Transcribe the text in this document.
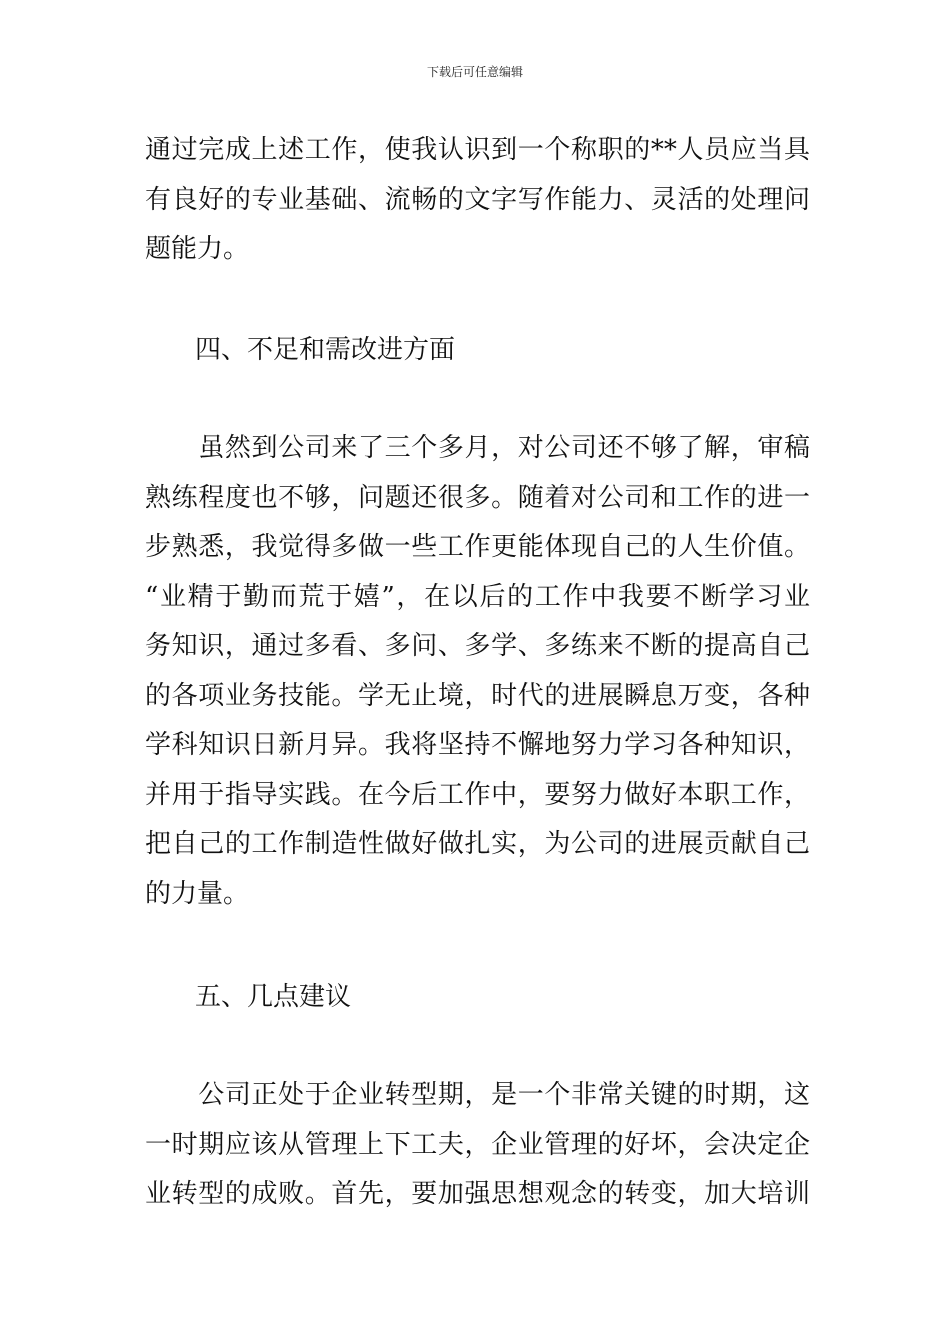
下载后可任意编辑
通过完成上述工作，使我认识到一个称职的**人员应当具
有良好的专业基础、流畅的文字写作能力、灵活的处理问
题能力。
四、不足和需改进方面
　　虽然到公司来了三个多月，对公司还不够了解，审稿
熟练程度也不够，问题还很多。随着对公司和工作的进一
步熟悉，我觉得多做一些工作更能体现自己的人生价值。
“业精于勤而荒于嬉”，在以后的工作中我要不断学习业
务知识，通过多看、多问、多学、多练来不断的提高自己
的各项业务技能。学无止境，时代的进展瞬息万变，各种
学科知识日新月异。我将坚持不懈地努力学习各种知识，
并用于指导实践。在今后工作中，要努力做好本职工作，
把自己的工作制造性做好做扎实，为公司的进展贡献自己
的力量。
五、几点建议
　　公司正处于企业转型期，是一个非常关键的时期，这
一时期应该从管理上下工夫，企业管理的好坏，会决定企
业转型的成败。首先，要加强思想观念的转变，加大培训
